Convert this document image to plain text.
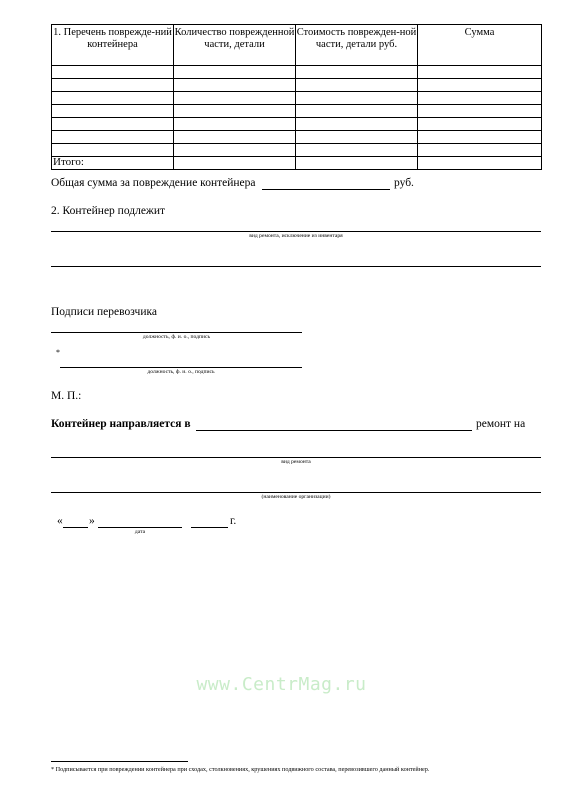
1. Перечень поврежде-ний контейнера	Количество поврежденной части, детали	Стоимость поврежден-ной части, детали руб.	Сумма

Итого:			
Общая сумма за повреждение контейнера	руб.
2. Контейнер подлежит
вид ремонта, исключение из инвентаря
Подписи перевозчика
должность, ф. и. о., подпись
*
должность, ф. и. о., подпись
М. П.:
Контейнер направляется в	ремонт на
вид ремонта
(наименование организации)
« »
дата
г.
www.CentrMag.ru
* Подписывается при повреждении контейнера при сходах, столкновениях, крушениях подвижного состава, перевозившего данный контейнер.
